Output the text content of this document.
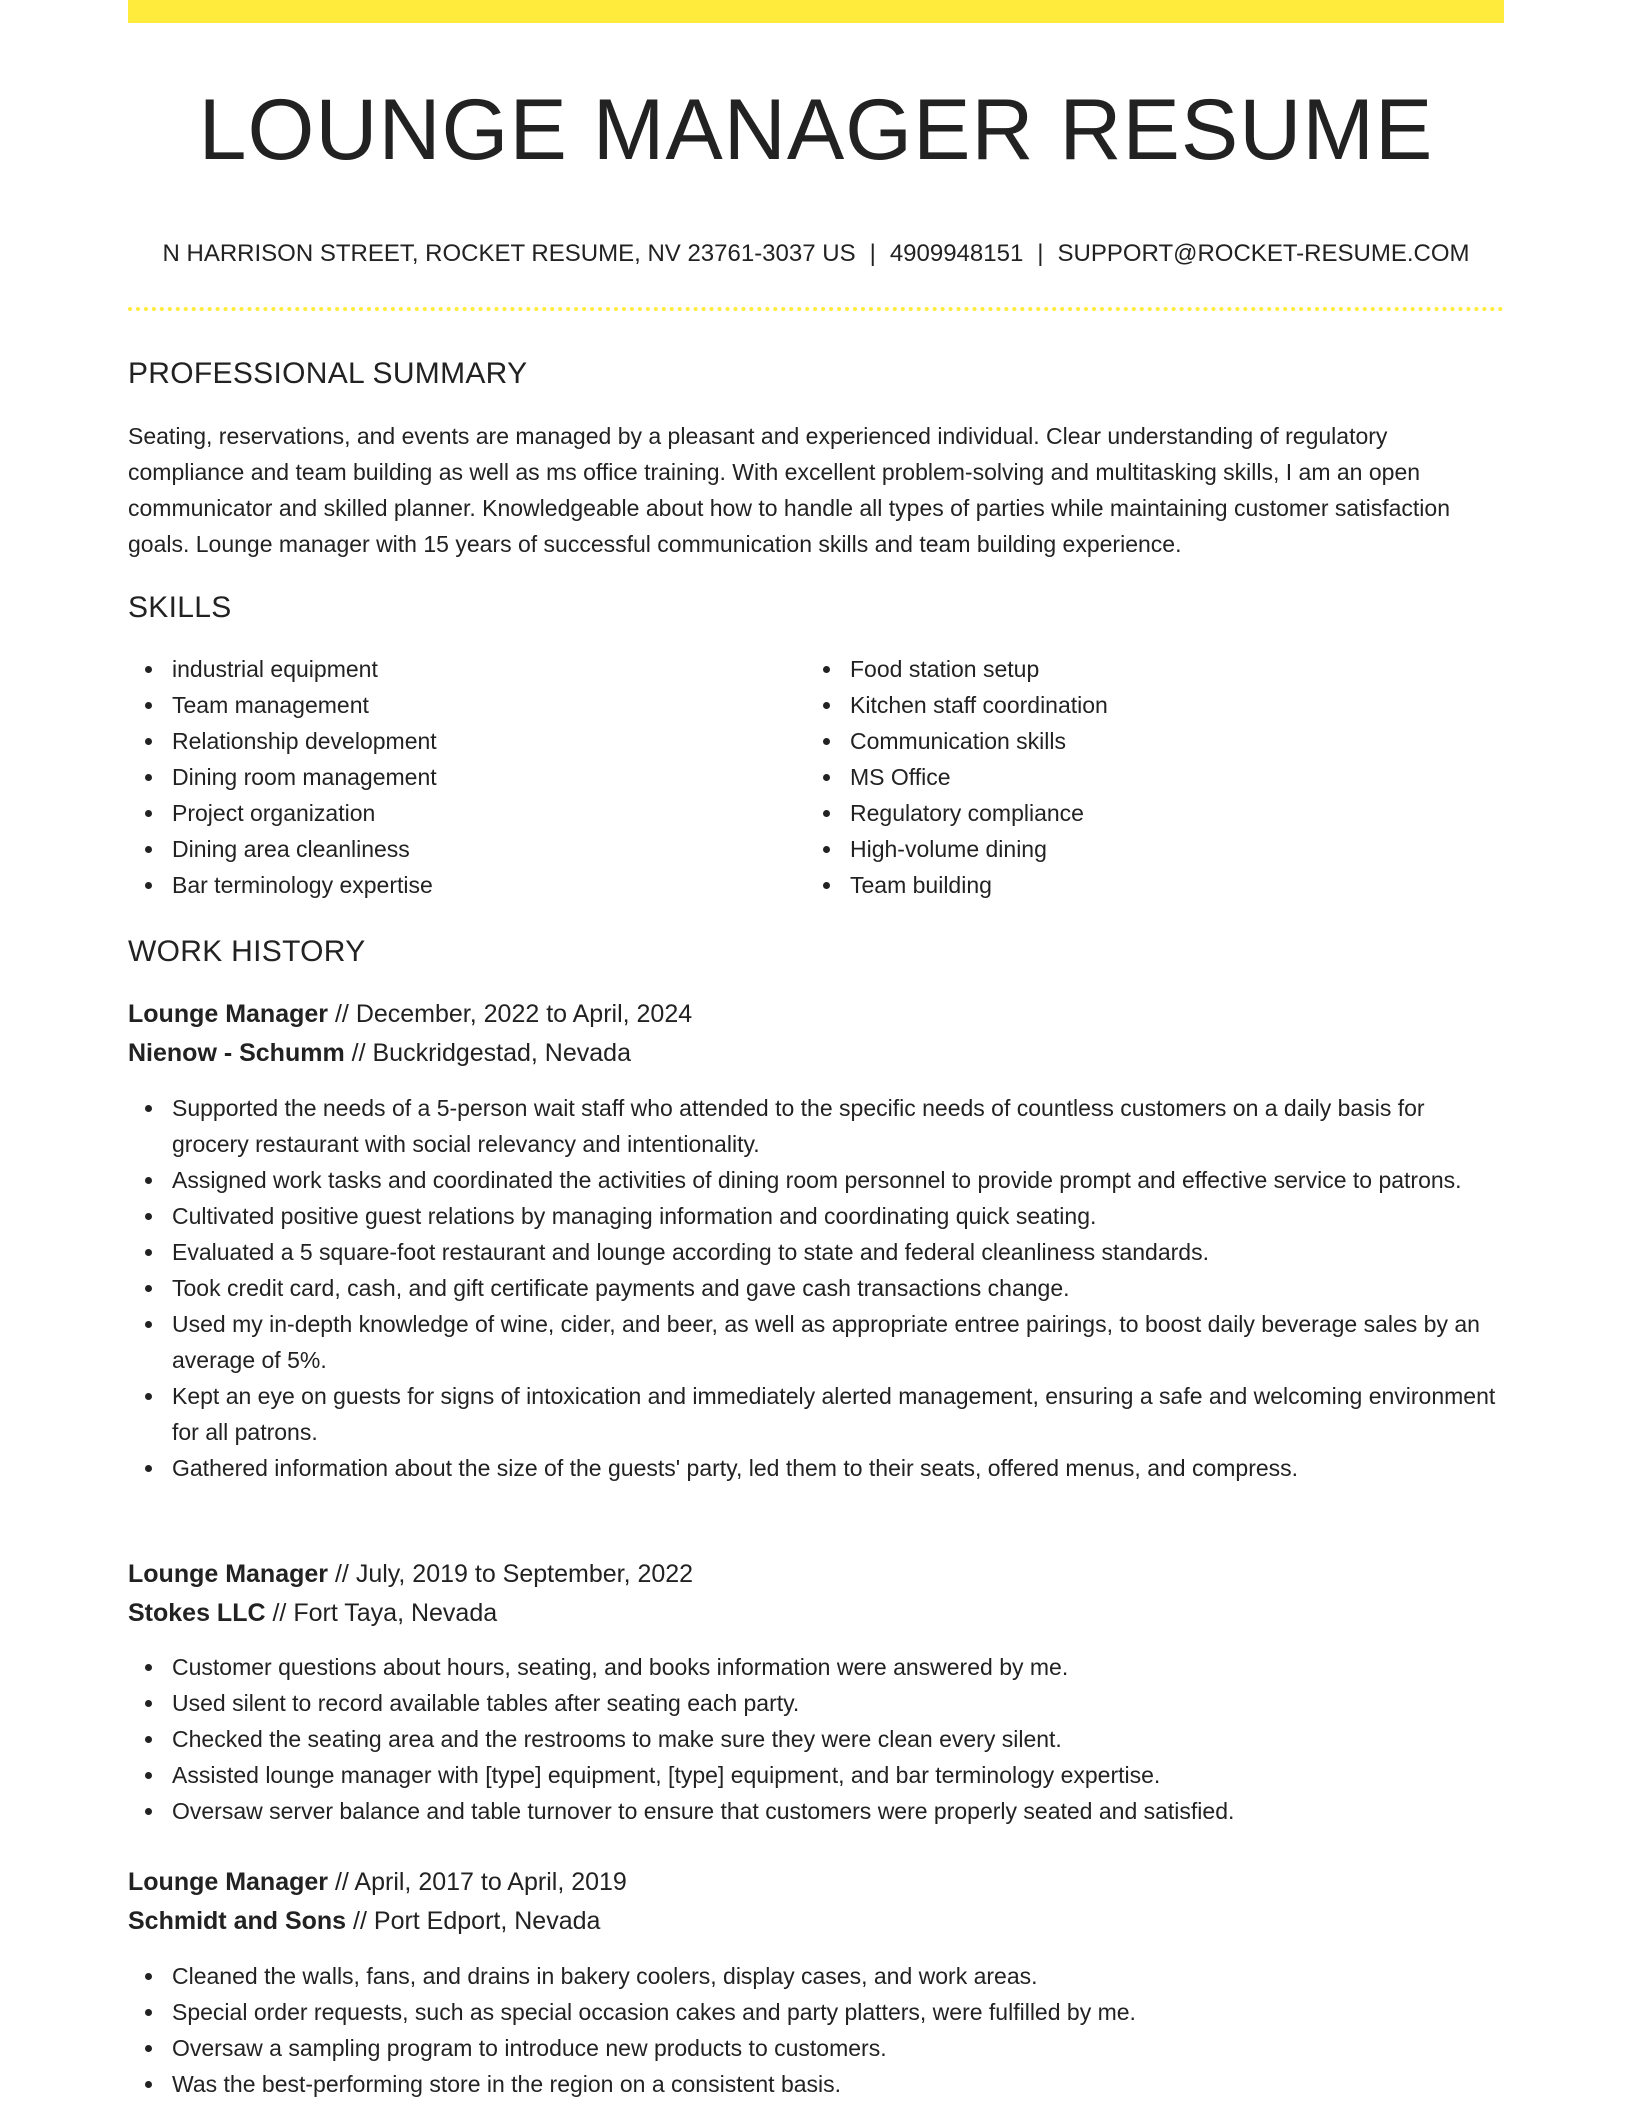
LOUNGE MANAGER RESUME
N HARRISON STREET, ROCKET RESUME, NV 23761-3037 US | 4909948151 | SUPPORT@ROCKET-RESUME.COM
PROFESSIONAL SUMMARY

Seating, reservations, and events are managed by a pleasant and experienced individual. Clear understanding of regulatory compliance and team building as well as ms office training. With excellent problem-solving and multitasking skills, I am an open communicator and skilled planner. Knowledgeable about how to handle all types of parties while maintaining customer satisfaction goals. Lounge manager with 15 years of successful communication skills and team building experience.

SKILLS
industrial equipment
Team management
Relationship development
Dining room management
Project organization
Dining area cleanliness
Bar terminology expertise
Food station setup
Kitchen staff coordination
Communication skills
MS Office
Regulatory compliance
High-volume dining
Team building
WORK HISTORY
Lounge Manager // December, 2022 to April, 2024
Nienow - Schumm // Buckridgestad, Nevada
Supported the needs of a 5-person wait staff who attended to the specific needs of countless customers on a daily basis for grocery restaurant with social relevancy and intentionality.
Assigned work tasks and coordinated the activities of dining room personnel to provide prompt and effective service to patrons.
Cultivated positive guest relations by managing information and coordinating quick seating.
Evaluated a 5 square-foot restaurant and lounge according to state and federal cleanliness standards.
Took credit card, cash, and gift certificate payments and gave cash transactions change.
Used my in-depth knowledge of wine, cider, and beer, as well as appropriate entree pairings, to boost daily beverage sales by an average of 5%.
Kept an eye on guests for signs of intoxication and immediately alerted management, ensuring a safe and welcoming environment for all patrons.
Gathered information about the size of the guests' party, led them to their seats, offered menus, and compress.
Lounge Manager // July, 2019 to September, 2022
Stokes LLC // Fort Taya, Nevada
Customer questions about hours, seating, and books information were answered by me.
Used silent to record available tables after seating each party.
Checked the seating area and the restrooms to make sure they were clean every silent.
Assisted lounge manager with [type] equipment, [type] equipment, and bar terminology expertise.
Oversaw server balance and table turnover to ensure that customers were properly seated and satisfied.
Lounge Manager // April, 2017 to April, 2019
Schmidt and Sons // Port Edport, Nevada
Cleaned the walls, fans, and drains in bakery coolers, display cases, and work areas.
Special order requests, such as special occasion cakes and party platters, were fulfilled by me.
Oversaw a sampling program to introduce new products to customers.
Was the best-performing store in the region on a consistent basis.
